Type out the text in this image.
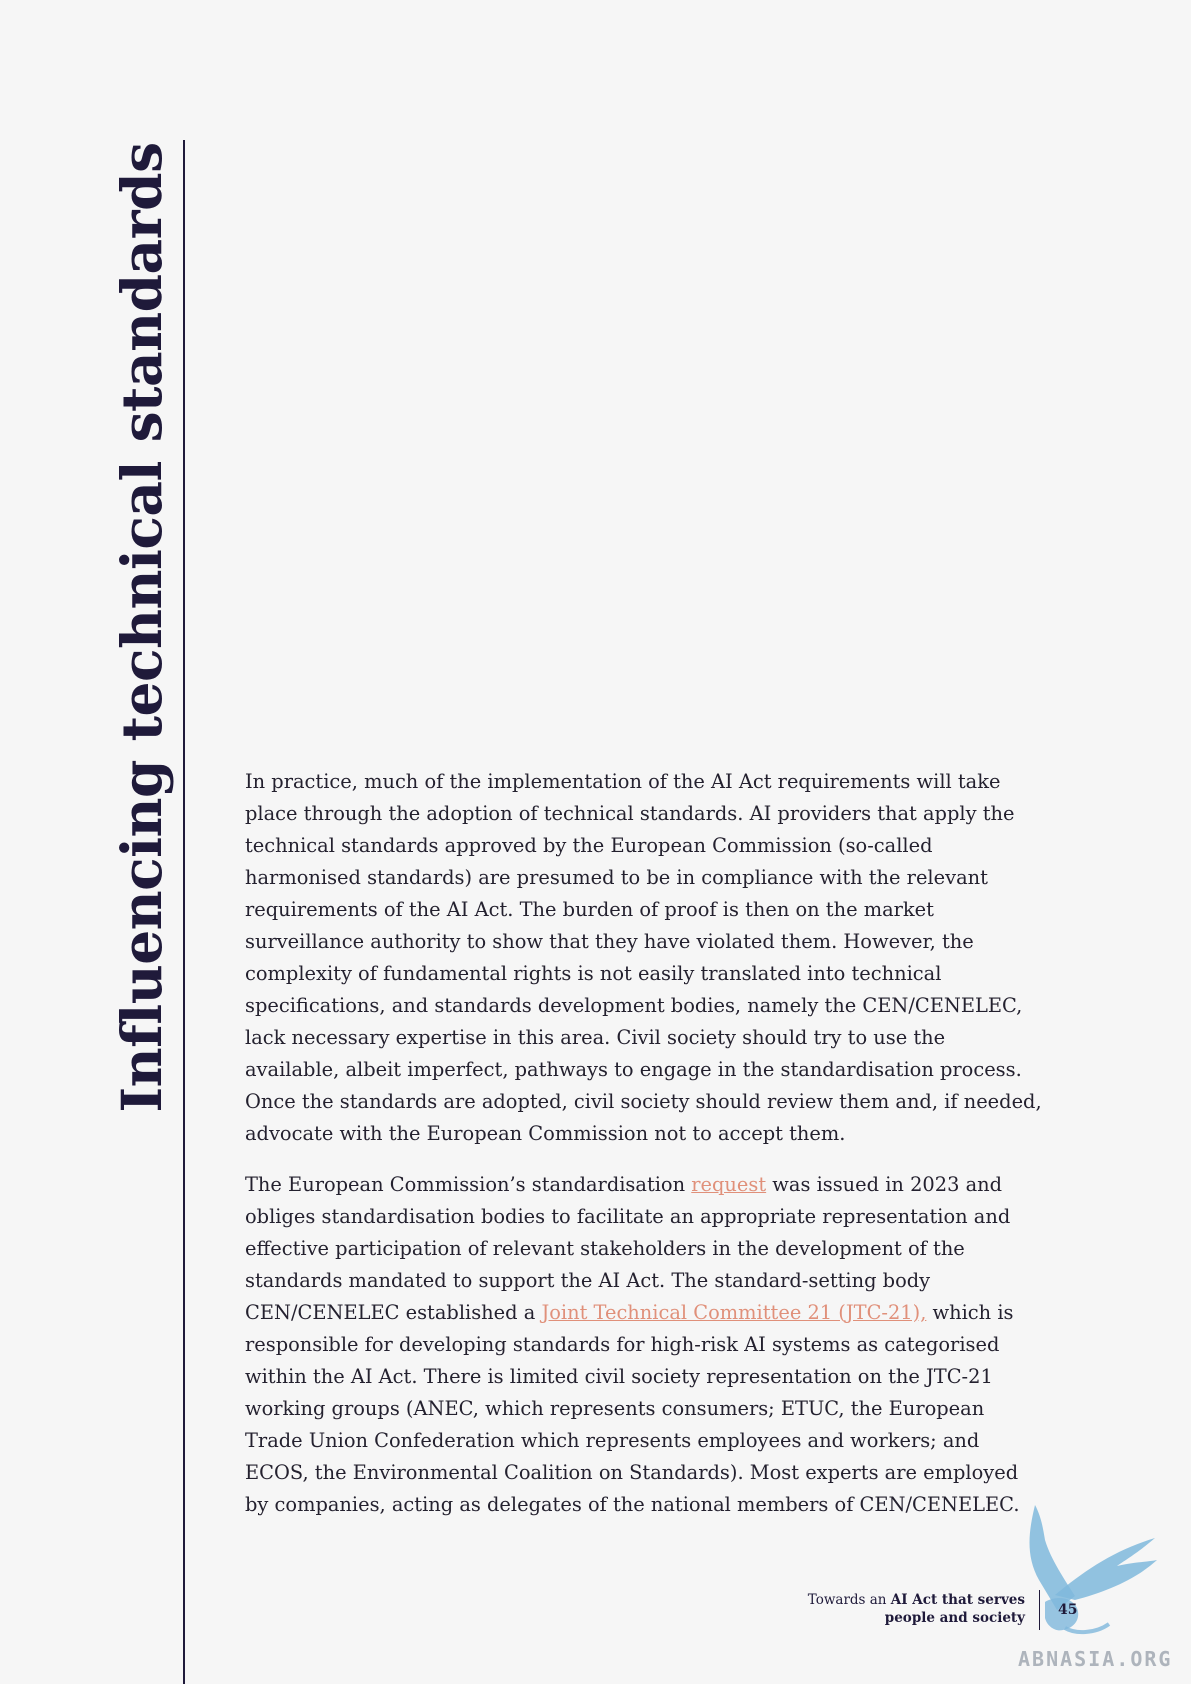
Influencing technical standards	In practice, much of the implementation of the AI Act requirements will take place through the adoption of technical standards. AI providers that apply the technical standards approved by the European Commission (so-called harmonised standards) are presumed to be in compliance with the relevant requirements of the AI Act. The burden of proof is then on the market surveillance authority to show that they have violated them. However, the complexity of fundamental rights is not easily translated into technical specifications, and standards development bodies, namely the CEN/CENELEC, lack necessary expertise in this area. Civil society should try to use the available, albeit imperfect, pathways to engage in the standardisation process. Once the standards are adopted, civil society should review them and, if needed, advocate with the European Commission not to accept them.

The European Commission’s standardisation request was issued in 2023 and obliges standardisation bodies to facilitate an appropriate representation and effective participation of relevant stakeholders in the development of the standards mandated to support the AI Act. The standard-setting body CEN/CENELEC established a Joint Technical Committee 21 (JTC-21), which is responsible for developing standards for high-risk AI systems as categorised within the AI Act. There is limited civil society representation on the JTC-21 working groups (ANEC, which represents consumers; ETUC, the European Trade Union Confederation which represents employees and workers; and ECOS, the Environmental Coalition on Standards). Most experts are employed by companies, acting as delegates of the national members of CEN/CENELEC.

Towards an AI Act that serves
people and society 45
ABNASIA.ORG
